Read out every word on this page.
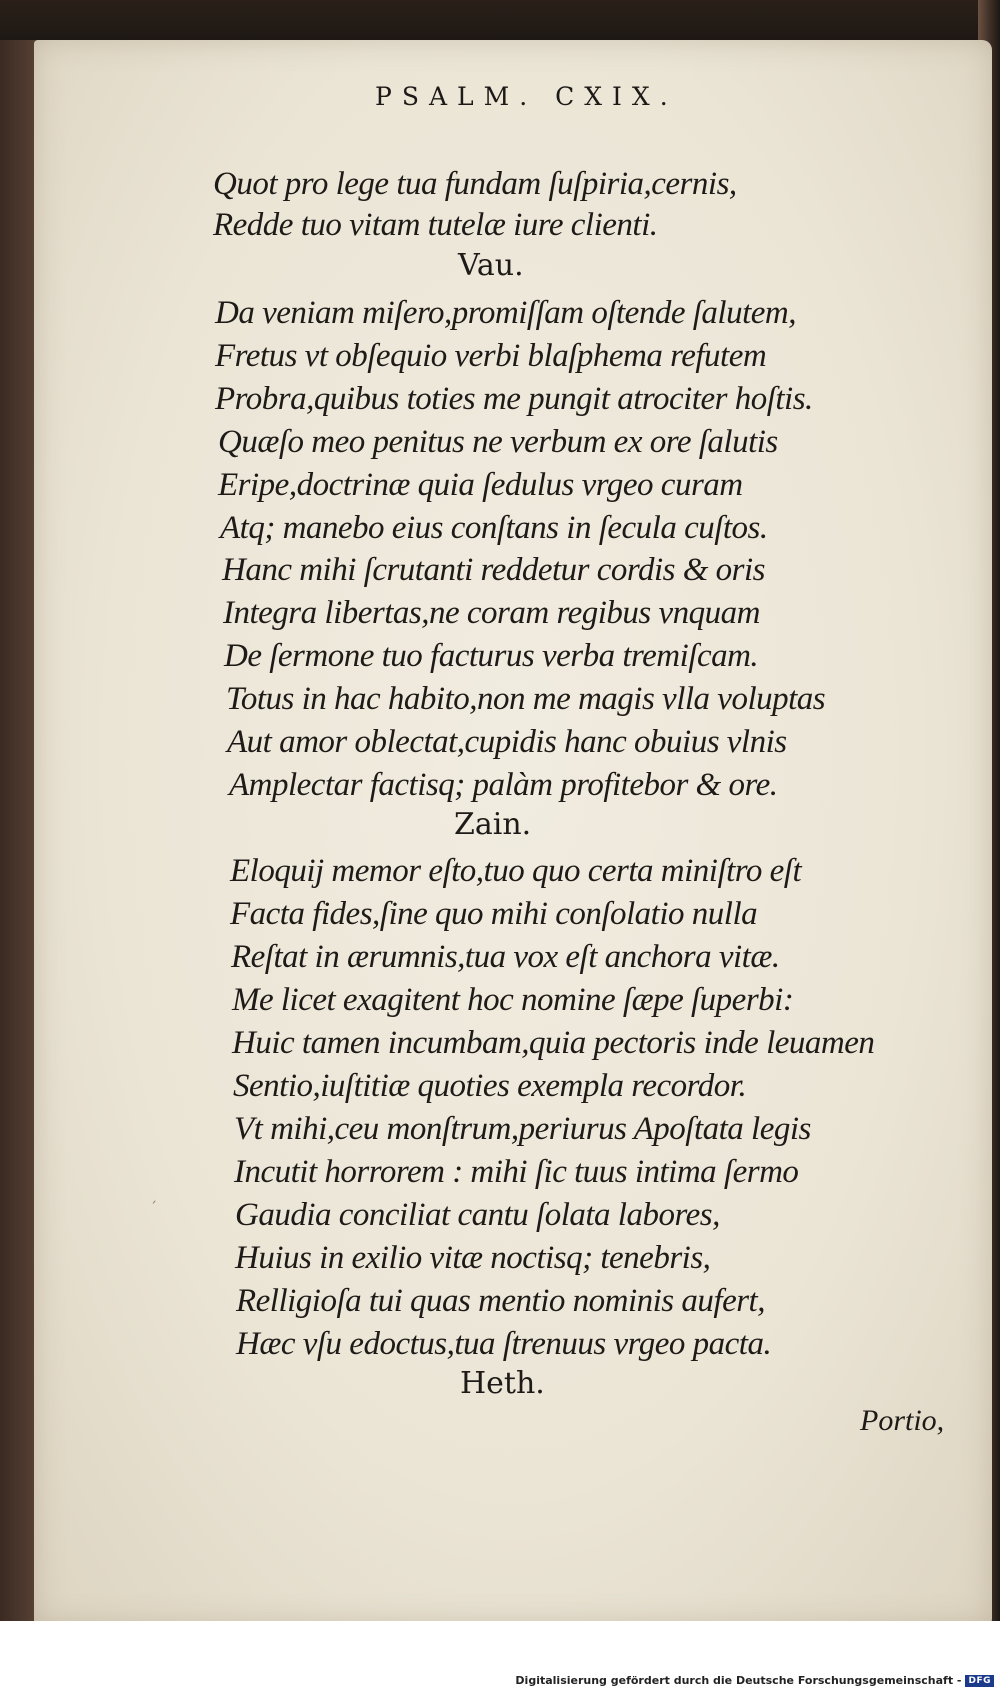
PSALM. CXIX.
Quot pro lege tua fundam ſuſpiria,cernis,
Redde tuo vitam tutelæ iure clienti.
Vau.
Da veniam miſero,promiſſam oſtende ſalutem,
Fretus vt obſequio verbi blaſphema refutem
Probra,quibus toties me pungit atrociter hoſtis.
Quæſo meo penitus ne verbum ex ore ſalutis
Eripe,doctrinæ quia ſedulus vrgeo curam
Atq; manebo eius conſtans in ſecula cuſtos.
Hanc mihi ſcrutanti reddetur cordis & oris
Integra libertas,ne coram regibus vnquam
De ſermone tuo facturus verba tremiſcam.
Totus in hac habito,non me magis vlla voluptas
Aut amor oblectat,cupidis hanc obuius vlnis
Amplectar factisq; palàm profitebor & ore.
Zain.
Eloquij memor eſto,tuo quo certa miniſtro eſt
Facta fides,ſine quo mihi conſolatio nulla
Reſtat in ærumnis,tua vox eſt anchora vitæ.
Me licet exagitent hoc nomine ſæpe ſuperbi:
Huic tamen incumbam,quia pectoris inde leuamen
Sentio,iuſtitiæ quoties exempla recordor.
Vt mihi,ceu monſtrum,periurus Apoſtata legis
Incutit horrorem : mihi ſic tuus intima ſermo
Gaudia conciliat cantu ſolata labores,
Huius in exilio vitæ noctisq; tenebris,
Relligioſa tui quas mentio nominis aufert,
Hæc vſu edoctus,tua ſtrenuus vrgeo pacta.
Heth.
Portio,
ˏ
Digitalisierung gefördert durch die Deutsche Forschungsgemeinschaft - DFG
